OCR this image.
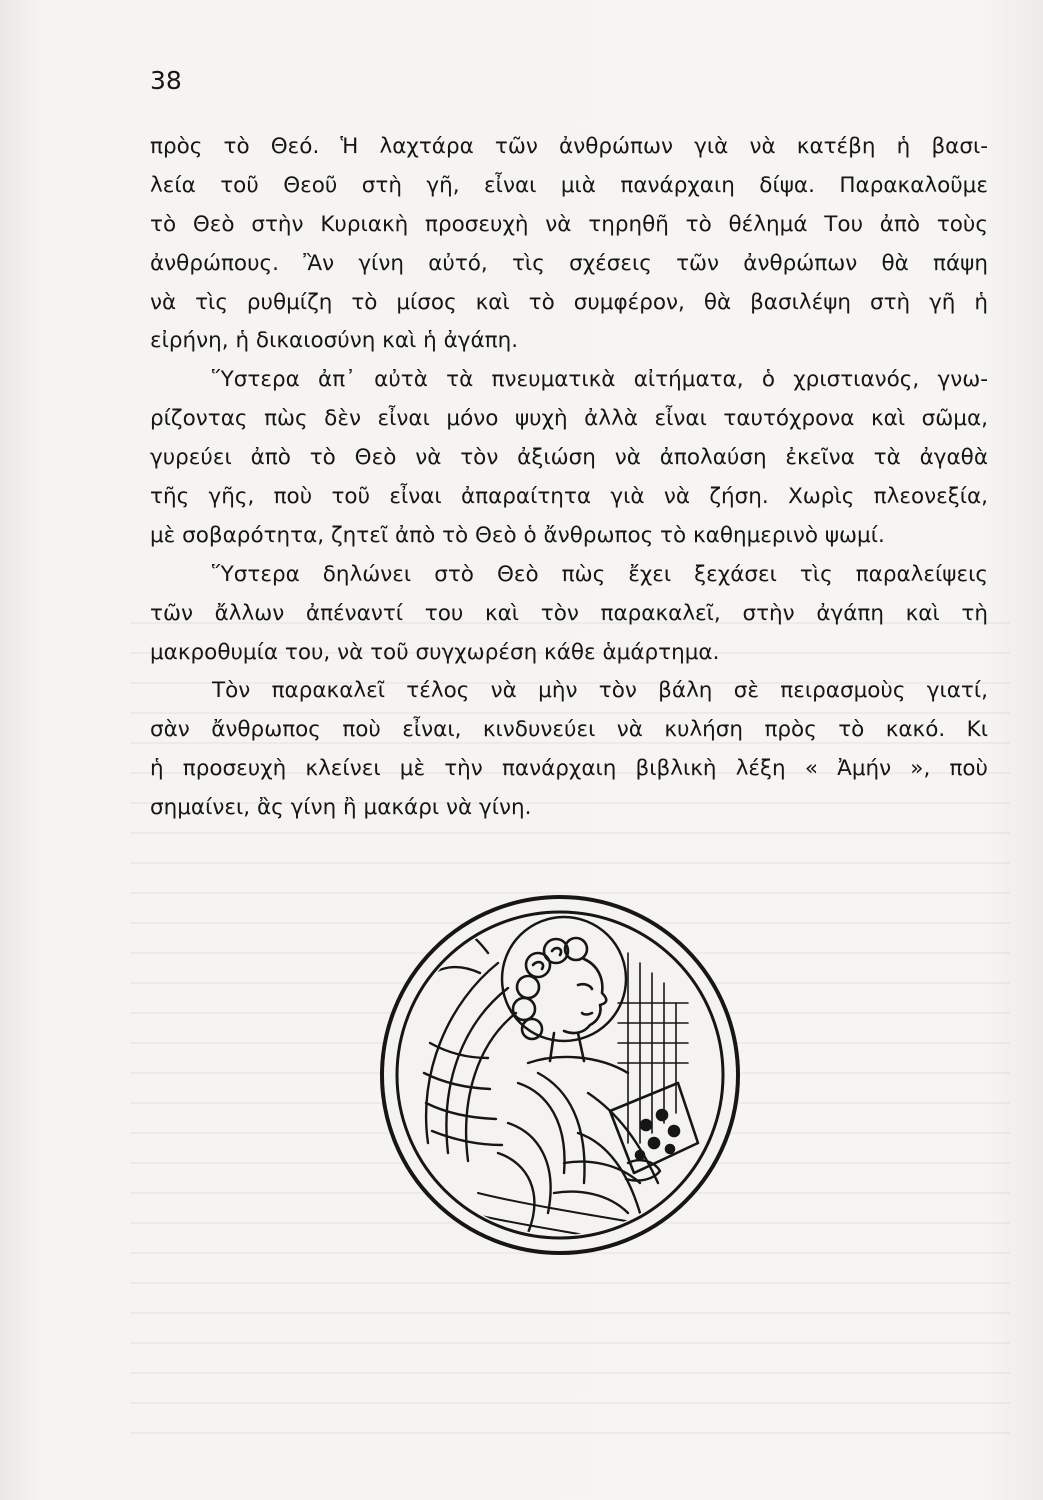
38
πρὸς τὸ Θεό. Ἡ λαχτάρα τῶν ἀνθρώπων γιὰ νὰ κατέβη ἡ βασι-
λεία τοῦ Θεοῦ στὴ γῆ, εἶναι μιὰ πανάρχαιη δίψα. Παρακαλοῦμε
τὸ Θεὸ στὴν Κυριακὴ προσευχὴ νὰ τηρηθῆ τὸ θέλημά Του ἀπὸ τοὺς
ἀνθρώπους. Ἂν γίνη αὐτό, τὶς σχέσεις τῶν ἀνθρώπων θὰ πάψη
νὰ τὶς ρυθμίζη τὸ μίσος καὶ τὸ συμφέρον, θὰ βασιλέψη στὴ γῆ ἡ
εἰρήνη, ἡ δικαιοσύνη καὶ ἡ ἀγάπη.
Ὕστερα ἀπ᾿ αὐτὰ τὰ πνευματικὰ αἰτήματα, ὁ χριστιανός, γνω-
ρίζοντας πὼς δὲν εἶναι μόνο ψυχὴ ἀλλὰ εἶναι ταυτόχρονα καὶ σῶμα,
γυρεύει ἀπὸ τὸ Θεὸ νὰ τὸν ἀξιώση νὰ ἀπολαύση ἐκεῖνα τὰ ἀγαθὰ
τῆς γῆς, ποὺ τοῦ εἶναι ἀπαραίτητα γιὰ νὰ ζήση. Χωρὶς πλεονεξία,
μὲ σοβαρότητα, ζητεῖ ἀπὸ τὸ Θεὸ ὁ ἄνθρωπος τὸ καθημερινὸ ψωμί.
Ὕστερα δηλώνει στὸ Θεὸ πὼς ἔχει ξεχάσει τὶς παραλείψεις
τῶν ἄλλων ἀπέναντί του καὶ τὸν παρακαλεῖ, στὴν ἀγάπη καὶ τὴ
μακροθυμία του, νὰ τοῦ συγχωρέση κάθε ἁμάρτημα.
Τὸν παρακαλεῖ τέλος νὰ μὴν τὸν βάλη σὲ πειρασμοὺς γιατί,
σὰν ἄνθρωπος ποὺ εἶναι, κινδυνεύει νὰ κυλήση πρὸς τὸ κακό. Κι
ἡ προσευχὴ κλείνει μὲ τὴν πανάρχαιη βιβλικὴ λέξη « Ἀμήν », ποὺ
σημαίνει, ἂς γίνη ἢ μακάρι νὰ γίνη.
